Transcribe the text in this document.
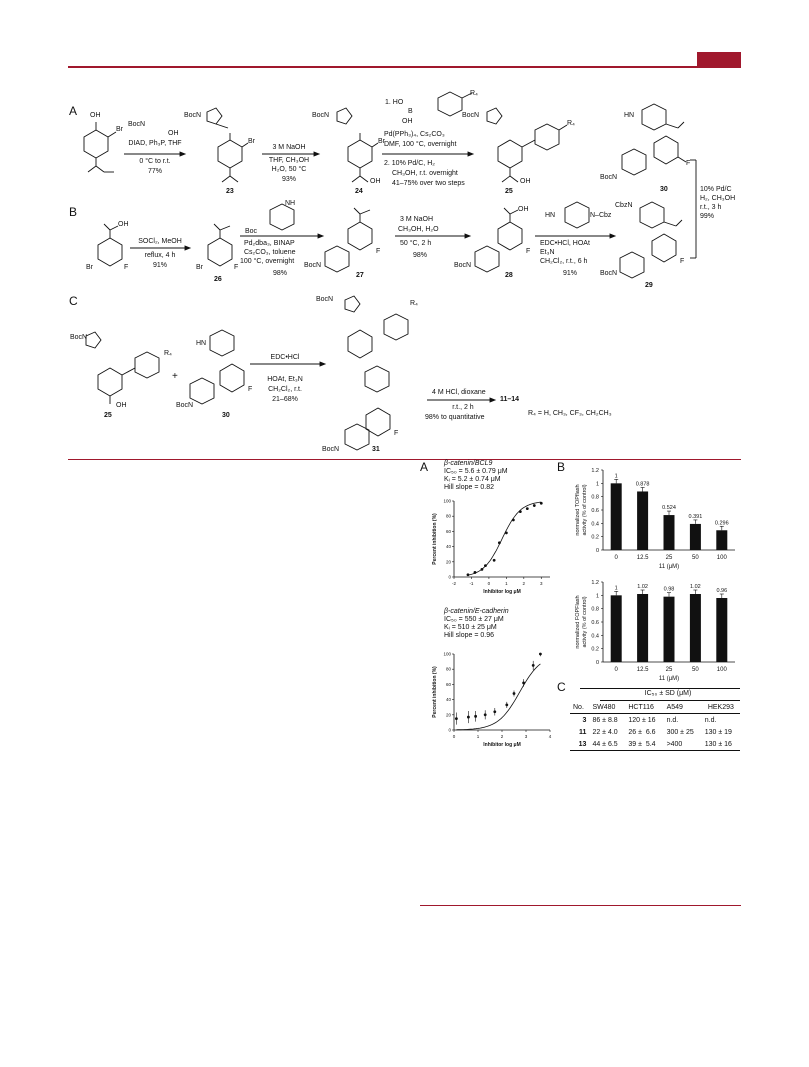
A
B
C
OH
Br
BocN
OH
DIAD, Ph₃P, THF
0 °C to r.t.
77%
BocN
Br
23
3 M NaOH
THF, CH₃OH
H₂O, 50 °C
93%
BocN
Br
OH
24
1. HO
B
OH
R₄
Pd(PPh₃)₄, Cs₂CO₃
DMF, 100 °C, overnight
2. 10% Pd/C, H₂
CH₃OH, r.t. overnight
41–75% over two steps
BocN
R₄
OH
25
HN
F
BocN
30
OH
Br	F
SOCl₂, MeOH
reflux, 4 h
91%	Br	F
26
Boc
NH
Pd₂dba₃, BINAP
Cs₂CO₃, toluene
100 °C, overnight
98%
BocN
F
27
3 M NaOH
CH₃OH, H₂O
50 °C, 2 h
98%
OH
BocN
F
28
HN	N–Cbz
EDC•HCl, HOAt
Et₃N
CH₂Cl₂, r.t., 6 h
91%
CbzN
BocN
F
29
10% Pd/C
H₂, CH₃OH
r.t., 3 h
99%
BocN
R₄
OH
25
+
HN
F
BocN
30
EDC•HCl
HOAt, Et₃N
CH₂Cl₂, r.t.
21–68%
BocN
R₄
F
BocN	31
4 M HCl, dioxane
r.t., 2 h
98% to quantitative
11–14
R₄ = H, CH₃, CF₃, CH₂CH₃
A	B
C
β-catenin/BCL9
IC₅₀ = 5.6 ± 0.79 μM
Kᵢ = 5.2 ± 0.74 μM
Hill slope = 0.82
0
20
40
60
80
100
-2	-1	0	1	2	3
Inhibitor log μM
Percent inhibition (%)
β-catenin/E-cadherin
IC₅₀ = 550 ± 27 μM
Kᵢ = 510 ± 25 μM
Hill slope = 0.96
0
20
40
60
80
100
0	1	2	3	4
Inhibitor log μM
Percent inhibition (%)
0
0.2
0.4
0.6
0.8
1
1.2
normalized TOPflash activity (% of control)
1
0
0.878
12.5
0.524
25
0.391
50
0.296
100
11 (μM)
0
0.2
0.4
0.6
0.8
1
1.2
normalized FOPFlash activity (% of control)
1
0
1.02
12.5
0.98
25
1.02
50
0.96
100
11 (μM)
IC₅₀ ± SD (μM)
No.	SW480	HCT116	A549	HEK293
3	86 ± 8.8	120 ± 16	n.d.	n.d.
11	22 ± 4.0	26 ±  6.6	300 ± 25	130 ± 19
13	44 ± 6.5	39 ±  5.4	>400	130 ± 16
